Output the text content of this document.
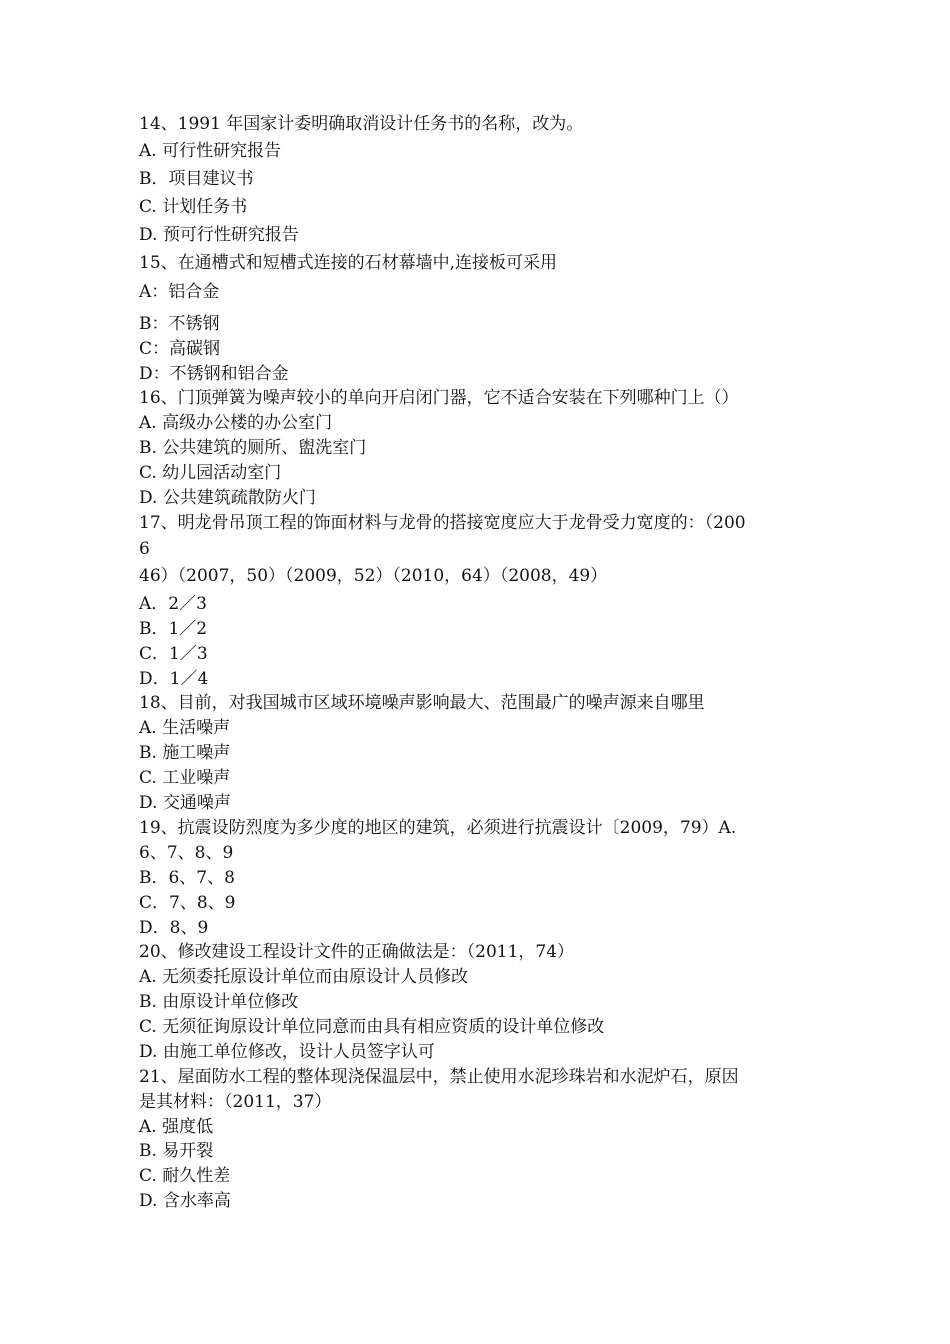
14、1991 年国家计委明确取消设计任务书的名称，改为。
A. 可行性研究报告
B．项目建议书
C. 计划任务书
D. 预可行性研究报告
15、在通槽式和短槽式连接的石材幕墙中,连接板可采用
A：铝合金
B：不锈钢
C：高碳钢
D：不锈钢和铝合金
16、门顶弹簧为噪声较小的单向开启闭门器，它不适合安装在下列哪种门上（）
A. 高级办公楼的办公室门
B. 公共建筑的厕所、盥洗室门
C. 幼儿园活动室门
D. 公共建筑疏散防火门
17、明龙骨吊顶工程的饰面材料与龙骨的搭接宽度应大于龙骨受力宽度的：（200
6
46）（2007，50）（2009，52）（2010，64）（2008，49）
A．2／3
B．1／2
C．1／3
D．1／4
18、目前，对我国城市区域环境噪声影响最大、范围最广的噪声源来自哪里
A. 生活噪声
B. 施工噪声
C. 工业噪声
D. 交通噪声
19、抗震设防烈度为多少度的地区的建筑，必须进行抗震设计〔2009，79）A.
6、7、8、9
B．6、7、8
C．7、8、9
D．8、9
20、修改建设工程设计文件的正确做法是：（2011，74）
A. 无须委托原设计单位而由原设计人员修改
B. 由原设计单位修改
C. 无须征询原设计单位同意而由具有相应资质的设计单位修改
D. 由施工单位修改，设计人员签字认可
21、屋面防水工程的整体现浇保温层中，禁止使用水泥珍珠岩和水泥炉石，原因
是其材料：（2011，37）
A. 强度低
B. 易开裂
C. 耐久性差
D. 含水率高
